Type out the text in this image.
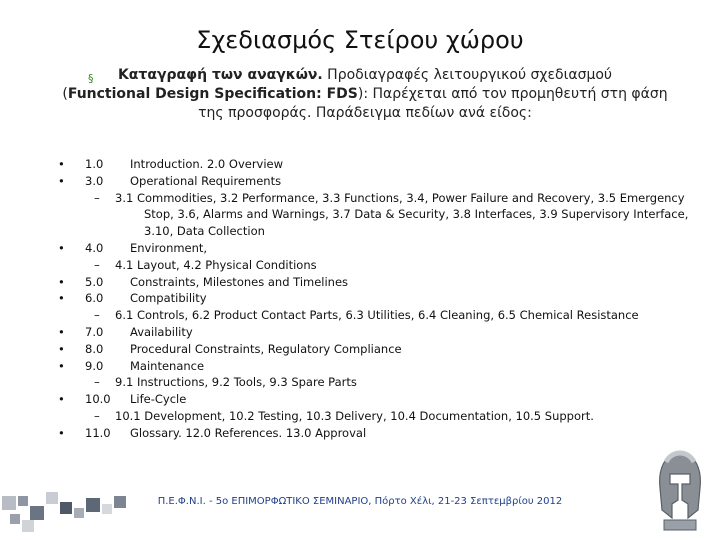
Σχεδιασμός Στείρου χώρου
§	Καταγραφή των αναγκών. Προδιαγραφές λειτουργικού σχεδιασμού
(Functional Design Specification: FDS): Παρέχεται από τον προμηθευτή στη φάση
της προσφοράς. Παράδειγμα πεδίων ανά είδος:
• 1.0 Introduction. 2.0 Overview
• 3.0 Operational Requirements
– 3.1 Commodities, 3.2 Performance, 3.3 Functions, 3.4, Power Failure and Recovery, 3.5 Emergency
Stop, 3.6, Alarms and Warnings, 3.7 Data & Security, 3.8 Interfaces, 3.9 Supervisory Interface,
3.10, Data Collection
• 4.0 Environment,
– 4.1 Layout, 4.2 Physical Conditions
• 5.0 Constraints, Milestones and Timelines
• 6.0 Compatibility
– 6.1 Controls, 6.2 Product Contact Parts, 6.3 Utilities, 6.4 Cleaning, 6.5 Chemical Resistance
• 7.0 Availability
• 8.0 Procedural Constraints, Regulatory Compliance
• 9.0 Maintenance
– 9.1 Instructions, 9.2 Tools, 9.3 Spare Parts
• 10.0 Life-Cycle
– 10.1 Development, 10.2 Testing, 10.3 Delivery, 10.4 Documentation, 10.5 Support.
• 11.0 Glossary. 12.0 References. 13.0 Approval
Π.Ε.Φ.Ν.Ι. - 5ο ΕΠΙΜΟΡΦΩΤΙΚΟ ΣΕΜΙΝΑΡΙΟ, Πόρτο Χέλι, 21-23 Σεπτεμβρίου 2012
